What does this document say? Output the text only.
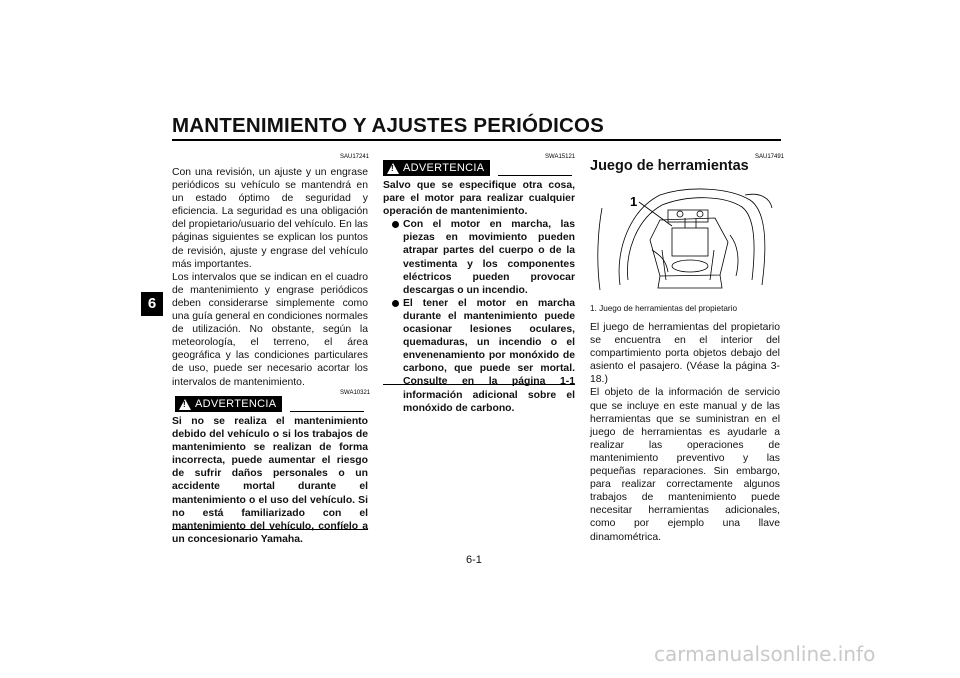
MANTENIMIENTO Y AJUSTES PERIÓDICOS
6
SAU17241

Con una revisión, un ajuste y un engrase periódicos su vehículo se mantendrá en un estado óptimo de seguridad y eficiencia. La seguridad es una obligación del propietario/usuario del vehículo. En las páginas siguientes se explican los puntos de revisión, ajuste y engrase del vehículo más importantes.

Los intervalos que se indican en el cuadro de mantenimiento y engrase periódicos deben considerarse simplemente como una guía general en condiciones normales de utilización. No obstante, según la meteorología, el terreno, el área geográfica y las condiciones particulares de uso, puede ser necesario acortar los intervalos de mantenimiento.

SWA10321
! ADVERTENCIA

Si no se realiza el mantenimiento debido del vehículo o si los trabajos de mantenimiento se realizan de forma incorrecta, puede aumentar el riesgo de sufrir daños personales o un accidente mortal durante el mantenimiento o el uso del vehículo. Si no está familiarizado con el mantenimiento del vehículo, confíelo a un concesionario Yamaha.

SWA15121
! ADVERTENCIA

Salvo que se especifique otra cosa, pare el motor para realizar cualquier operación de mantenimiento.

Con el motor en marcha, las piezas en movimiento pueden atrapar partes del cuerpo o de la vestimenta y los componentes eléctricos pueden provocar descargas o un incendio.
El tener el motor en marcha durante el mantenimiento puede ocasionar lesiones oculares, quemaduras, un incendio o el envenenamiento por monóxido de carbono, que puede ser mortal. Consulte en la página 1-1 información adicional sobre el monóxido de carbono.
SAU17491
Juego de herramientas
1
1. Juego de herramientas del propietario

El juego de herramientas del propietario se encuentra en el interior del compartimiento porta objetos debajo del asiento el pasajero. (Véase la página 3-18.)

El objeto de la información de servicio que se incluye en este manual y de las herramientas que se suministran en el juego de herramientas es ayudarle a realizar las operaciones de mantenimiento preventivo y las pequeñas reparaciones. Sin embargo, para realizar correctamente algunos trabajos de mantenimiento puede necesitar herramientas adicionales, como por ejemplo una llave dinamométrica.

6-1
carmanualsonline.info
